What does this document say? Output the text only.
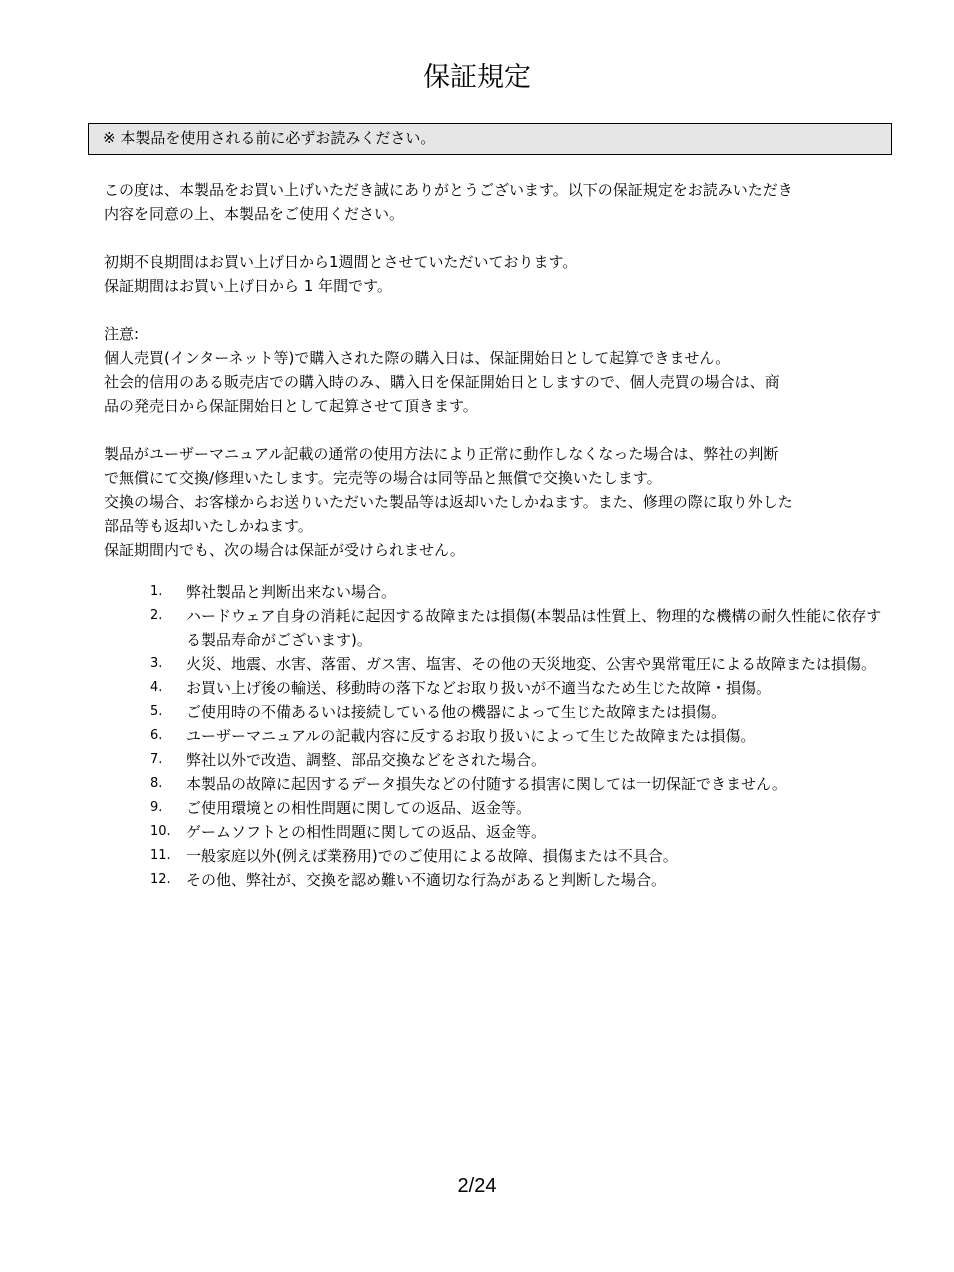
保証規定
※ 本製品を使用される前に必ずお読みください。

この度は、本製品をお買い上げいただき誠にありがとうございます。以下の保証規定をお読みいただき

内容を同意の上、本製品をご使用ください。

初期不良期間はお買い上げ日から1週間とさせていただいております。

保証期間はお買い上げ日から 1 年間です。

注意:

個人売買(インターネット等)で購入された際の購入日は、保証開始日として起算できません。

社会的信用のある販売店での購入時のみ、購入日を保証開始日としますので、個人売買の場合は、商

品の発売日から保証開始日として起算させて頂きます。

製品がユーザーマニュアル記載の通常の使用方法により正常に動作しなくなった場合は、弊社の判断

で無償にて交換/修理いたします。完売等の場合は同等品と無償で交換いたします。

交換の場合、お客様からお送りいただいた製品等は返却いたしかねます。また、修理の際に取り外した

部品等も返却いたしかねます。

保証期間内でも、次の場合は保証が受けられません。

1. 弊社製品と判断出来ない場合。
2. ハードウェア自身の消耗に起因する故障または損傷(本製品は性質上、物理的な機構の耐久性能に依存する製品寿命がございます)。
3. 火災、地震、水害、落雷、ガス害、塩害、その他の天災地変、公害や異常電圧による故障または損傷。
4. お買い上げ後の輸送、移動時の落下などお取り扱いが不適当なため生じた故障・損傷。
5. ご使用時の不備あるいは接続している他の機器によって生じた故障または損傷。
6. ユーザーマニュアルの記載内容に反するお取り扱いによって生じた故障または損傷。
7. 弊社以外で改造、調整、部品交換などをされた場合。
8. 本製品の故障に起因するデータ損失などの付随する損害に関しては一切保証できません。
9. ご使用環境との相性問題に関しての返品、返金等。
10. ゲームソフトとの相性問題に関しての返品、返金等。
11. 一般家庭以外(例えば業務用)でのご使用による故障、損傷または不具合。
12. その他、弊社が、交換を認め難い不適切な行為があると判断した場合。
2/24
